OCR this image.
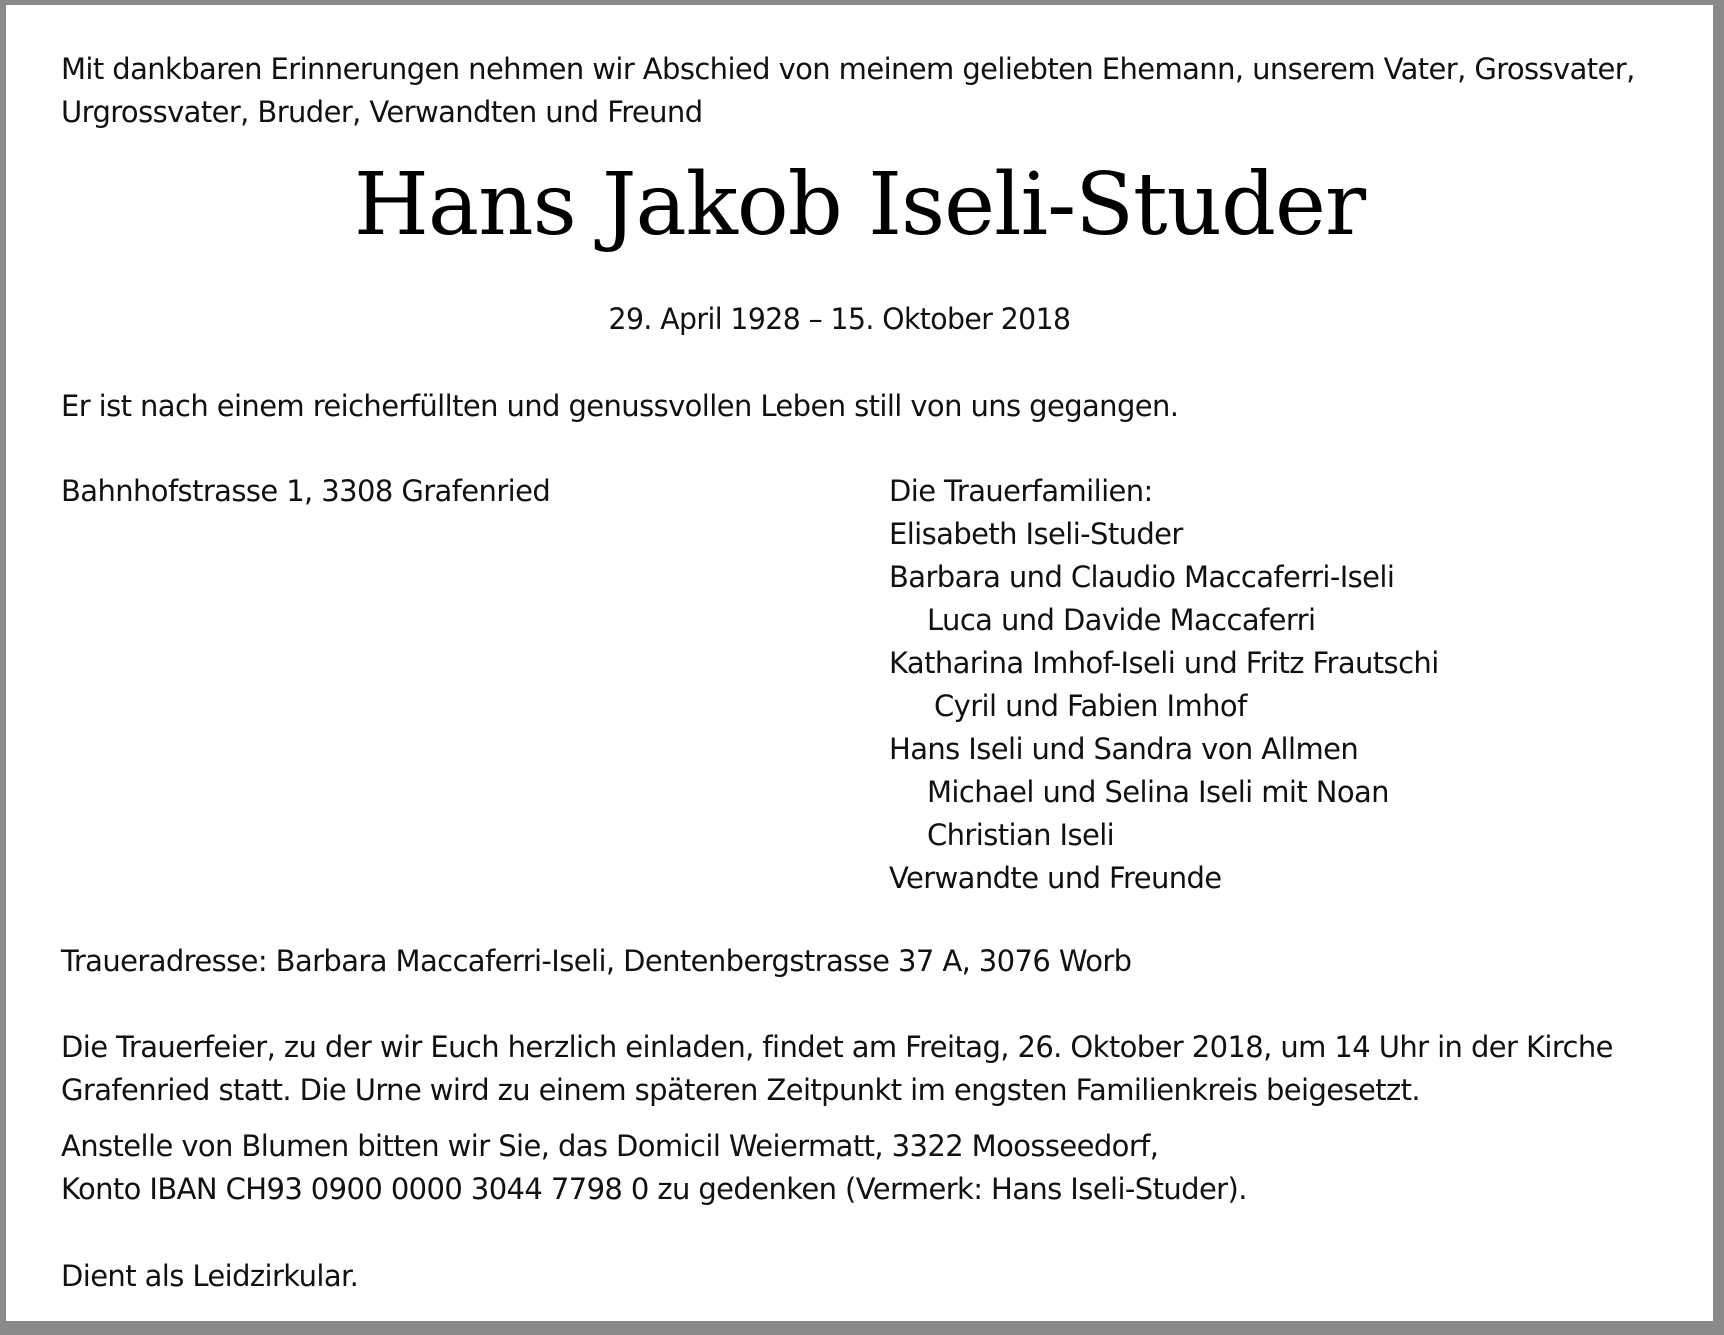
Mit dankbaren Erinnerungen nehmen wir Abschied von meinem geliebten Ehemann, unserem Vater, Grossvater,
Urgrossvater, Bruder, Verwandten und Freund
Hans Jakob Iseli-Studer
29. April 1928 – 15. Oktober 2018
Er ist nach einem reicherfüllten und genussvollen Leben still von uns gegangen.
Bahnhofstrasse 1, 3308 Grafenried	Die Trauerfamilien:
Elisabeth Iseli-Studer
Barbara und Claudio Maccaferri-Iseli
Luca und Davide Maccaferri
Katharina Imhof-Iseli und Fritz Frautschi
Cyril und Fabien Imhof
Hans Iseli und Sandra von Allmen
Michael und Selina Iseli mit Noan
Christian Iseli
Verwandte und Freunde
Traueradresse: Barbara Maccaferri-Iseli, Dentenbergstrasse 37 A, 3076 Worb
Die Trauerfeier, zu der wir Euch herzlich einladen, findet am Freitag, 26. Oktober 2018, um 14 Uhr in der Kirche
Grafenried statt. Die Urne wird zu einem späteren Zeitpunkt im engsten Familienkreis beigesetzt.
Anstelle von Blumen bitten wir Sie, das Domicil Weiermatt, 3322 Moosseedorf,
Konto IBAN CH93 0900 0000 3044 7798 0 zu gedenken (Vermerk: Hans Iseli-Studer).
Dient als Leidzirkular.
